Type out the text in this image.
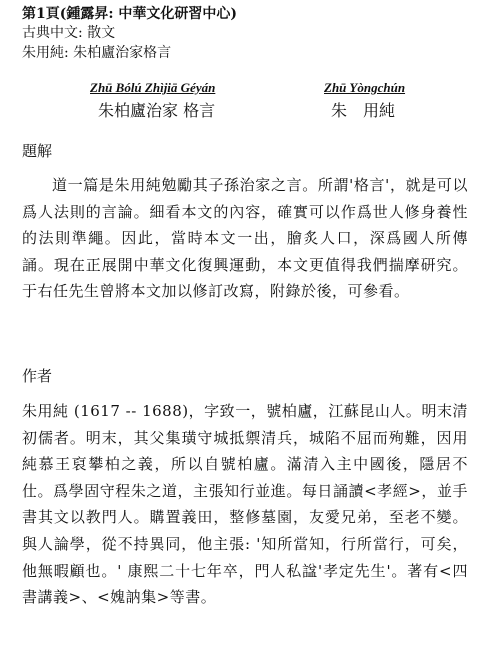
第1頁(鍾露昇: 中華文化研習中心)
古典中文: 散文
朱用純: 朱柏廬治家格言
Zhū Bólú Zhìjiā Géyán
朱柏廬治家 格言
Zhū Yòngchún
朱　用純
題解
道一篇是朱用純勉勵其子孫治家之言。所謂'格言'，就是可以爲人法則的言論。細看本文的內容，確實可以作爲世人修身養性的法則準繩。因此，當時本文一出，膾炙人口，深爲國人所傳誦。現在正展開中華文化復興運動，本文更值得我們揣摩研究。于右任先生曾將本文加以修訂改寫，附錄於後，可參看。
作者
朱用純 (1617 -- 1688)，字致一，號柏廬，江蘇昆山人。明末清初儒者。明末，其父集璜守城抵禦清兵，城陷不屈而殉難，因用純慕王裒攀柏之義，所以自號柏廬。滿清入主中國後，隱居不仕。爲學固守程朱之道，主張知行並進。每日誦讀<孝經>，並手書其文以教門人。購置義田，整修墓園，友愛兄弟，至老不變。與人論學，從不持異同，他主張: '知所當知，行所當行，可矣，他無暇顧也。' 康熙二十七年卒，門人私諡'孝定先生'。著有<四書講義>、<媿訥集>等書。
